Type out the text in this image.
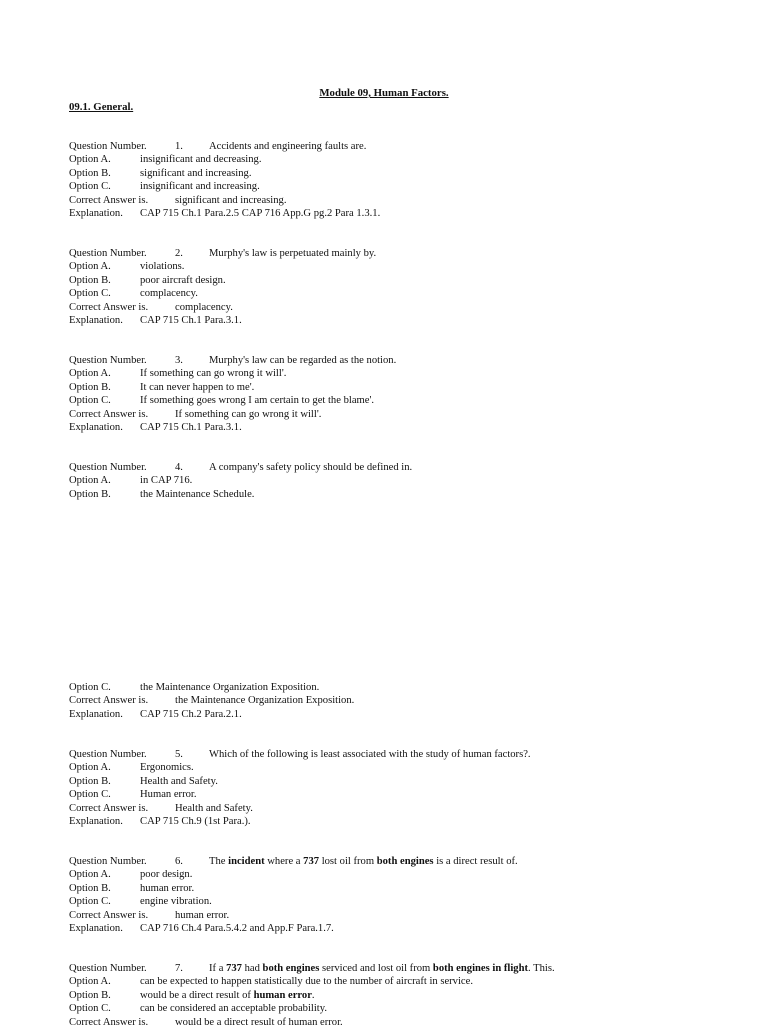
Module 09, Human Factors.
09.1. General.
Question Number.	1. Accidents and engineering faults are.
Option A.	insignificant and decreasing.
Option B.	significant and increasing.
Option C.	insignificant and increasing.
Correct Answer is.	significant and increasing.
Explanation. CAP 715 Ch.1 Para.2.5 CAP 716 App.G pg.2 Para 1.3.1.
Question Number.	2. Murphy's law is perpetuated mainly by.
Option A.	violations.
Option B.	poor aircraft design.
Option C.	complacency.
Correct Answer is.	complacency.
Explanation. CAP 715 Ch.1 Para.3.1.
Question Number.	3. Murphy's law can be regarded as the notion.
Option A.	If something can go wrong it will'.
Option B.	It can never happen to me'.
Option C.	If something goes wrong I am certain to get the blame'.
Correct Answer is.	If something can go wrong it will'.
Explanation. CAP 715 Ch.1 Para.3.1.
Question Number.	4. A company's safety policy should be defined in.
Option A.	in CAP 716.
Option B.	the Maintenance Schedule.
Option C.	the Maintenance Organization Exposition.
Correct Answer is.	the Maintenance Organization Exposition.
Explanation. CAP 715 Ch.2 Para.2.1.
Question Number.	5. Which of the following is least associated with the study of human factors?.
Option A.	Ergonomics.
Option B.	Health and Safety.
Option C.	Human error.
Correct Answer is.	Health and Safety.
Explanation. CAP 715 Ch.9 (1st Para.).
Question Number.	6. The incident where a 737 lost oil from both engines is a direct result of.
Option A.	poor design.
Option B.	human error.
Option C.	engine vibration.
Correct Answer is.	human error.
Explanation. CAP 716 Ch.4 Para.5.4.2 and App.F Para.1.7.
Question Number.	7. If a 737 had both engines serviced and lost oil from both engines in flight. This.
Option A.	can be expected to happen statistically due to the number of aircraft in service.
Option B.	would be a direct result of human error.
Option C.	can be considered an acceptable probability.
Correct Answer is.	would be a direct result of human error.
